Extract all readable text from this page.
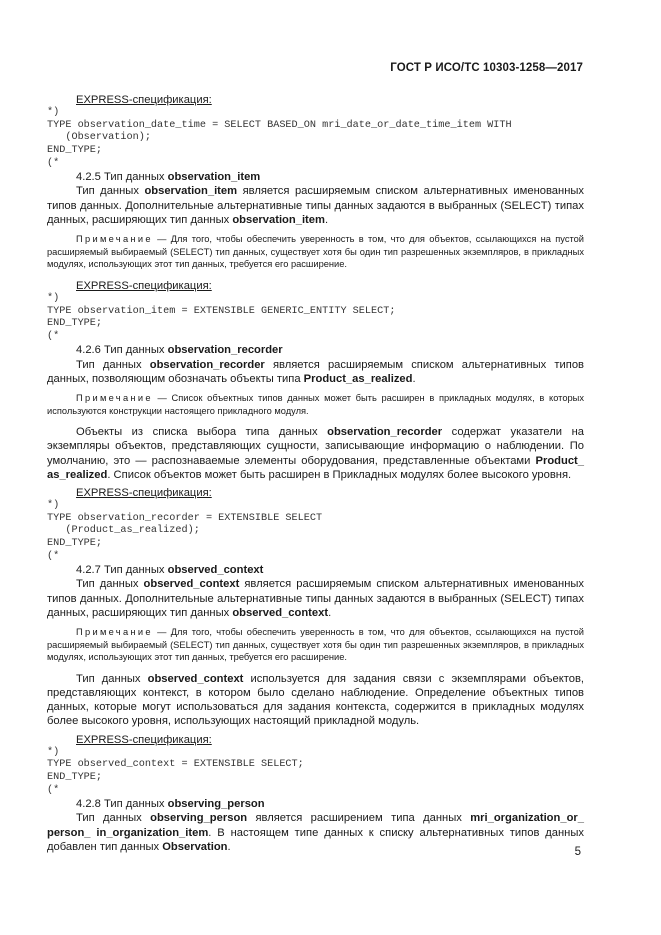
ГОСТ Р ИСО/ТС 10303-1258—2017
EXPRESS-спецификация:
*)
TYPE observation_date_time = SELECT BASED_ON mri_date_or_date_time_item WITH
(Observation);
END_TYPE;
(*
4.2.5 Тип данных observation_item
Тип данных observation_item является расширяемым списком альтернативных именованных типов данных. Дополнительные альтернативные типы данных задаются в выбранных (SELECT) типах данных, расширяющих тип данных observation_item.
Примечание — Для того, чтобы обеспечить уверенность в том, что для объектов, ссылающихся на пустой расширяемый выбираемый (SELECT) тип данных, существует хотя бы один тип разрешенных экземпляров, в прикладных модулях, использующих этот тип данных, требуется его расширение.
EXPRESS-спецификация:
*)
TYPE observation_item = EXTENSIBLE GENERIC_ENTITY SELECT;
END_TYPE;
(*
4.2.6 Тип данных observation_recorder
Тип данных observation_recorder является расширяемым списком альтернативных типов данных, позволяющим обозначать объекты типа Product_as_realized.
Примечание — Список объектных типов данных может быть расширен в прикладных модулях, в которых используются конструкции настоящего прикладного модуля.
Объекты из списка выбора типа данных observation_recorder содержат указатели на экземпляры объектов, представляющих сущности, записывающие информацию о наблюдении. По умолчанию, это — распознаваемые элементы оборудования, представленные объектами Product_ as_realized. Список объектов может быть расширен в Прикладных модулях более высокого уровня.
EXPRESS-спецификация:
*)
TYPE observation_recorder = EXTENSIBLE SELECT
(Product_as_realized);
END_TYPE;
(*
4.2.7 Тип данных observed_context
Тип данных observed_context является расширяемым списком альтернативных именованных типов данных. Дополнительные альтернативные типы данных задаются в выбранных (SELECT) типах данных, расширяющих тип данных observed_context.
Примечание — Для того, чтобы обеспечить уверенность в том, что для объектов, ссылающихся на пустой расширяемый выбираемый (SELECT) тип данных, существует хотя бы один тип разрешенных экземпляров, в прикладных модулях, использующих этот тип данных, требуется его расширение.
Тип данных observed_context используется для задания связи с экземплярами объектов, представляющих контекст, в котором было сделано наблюдение. Определение объектных типов данных, которые могут использоваться для задания контекста, содержится в прикладных модулях более высокого уровня, использующих настоящий прикладной модуль.
EXPRESS-спецификация:
*)
TYPE observed_context = EXTENSIBLE SELECT;
END_TYPE;
(*
4.2.8 Тип данных observing_person
Тип данных observing_person является расширением типа данных mri_organization_or_ person_ in_organization_item. В настоящем типе данных к списку альтернативных типов данных добавлен тип данных Observation.	5
